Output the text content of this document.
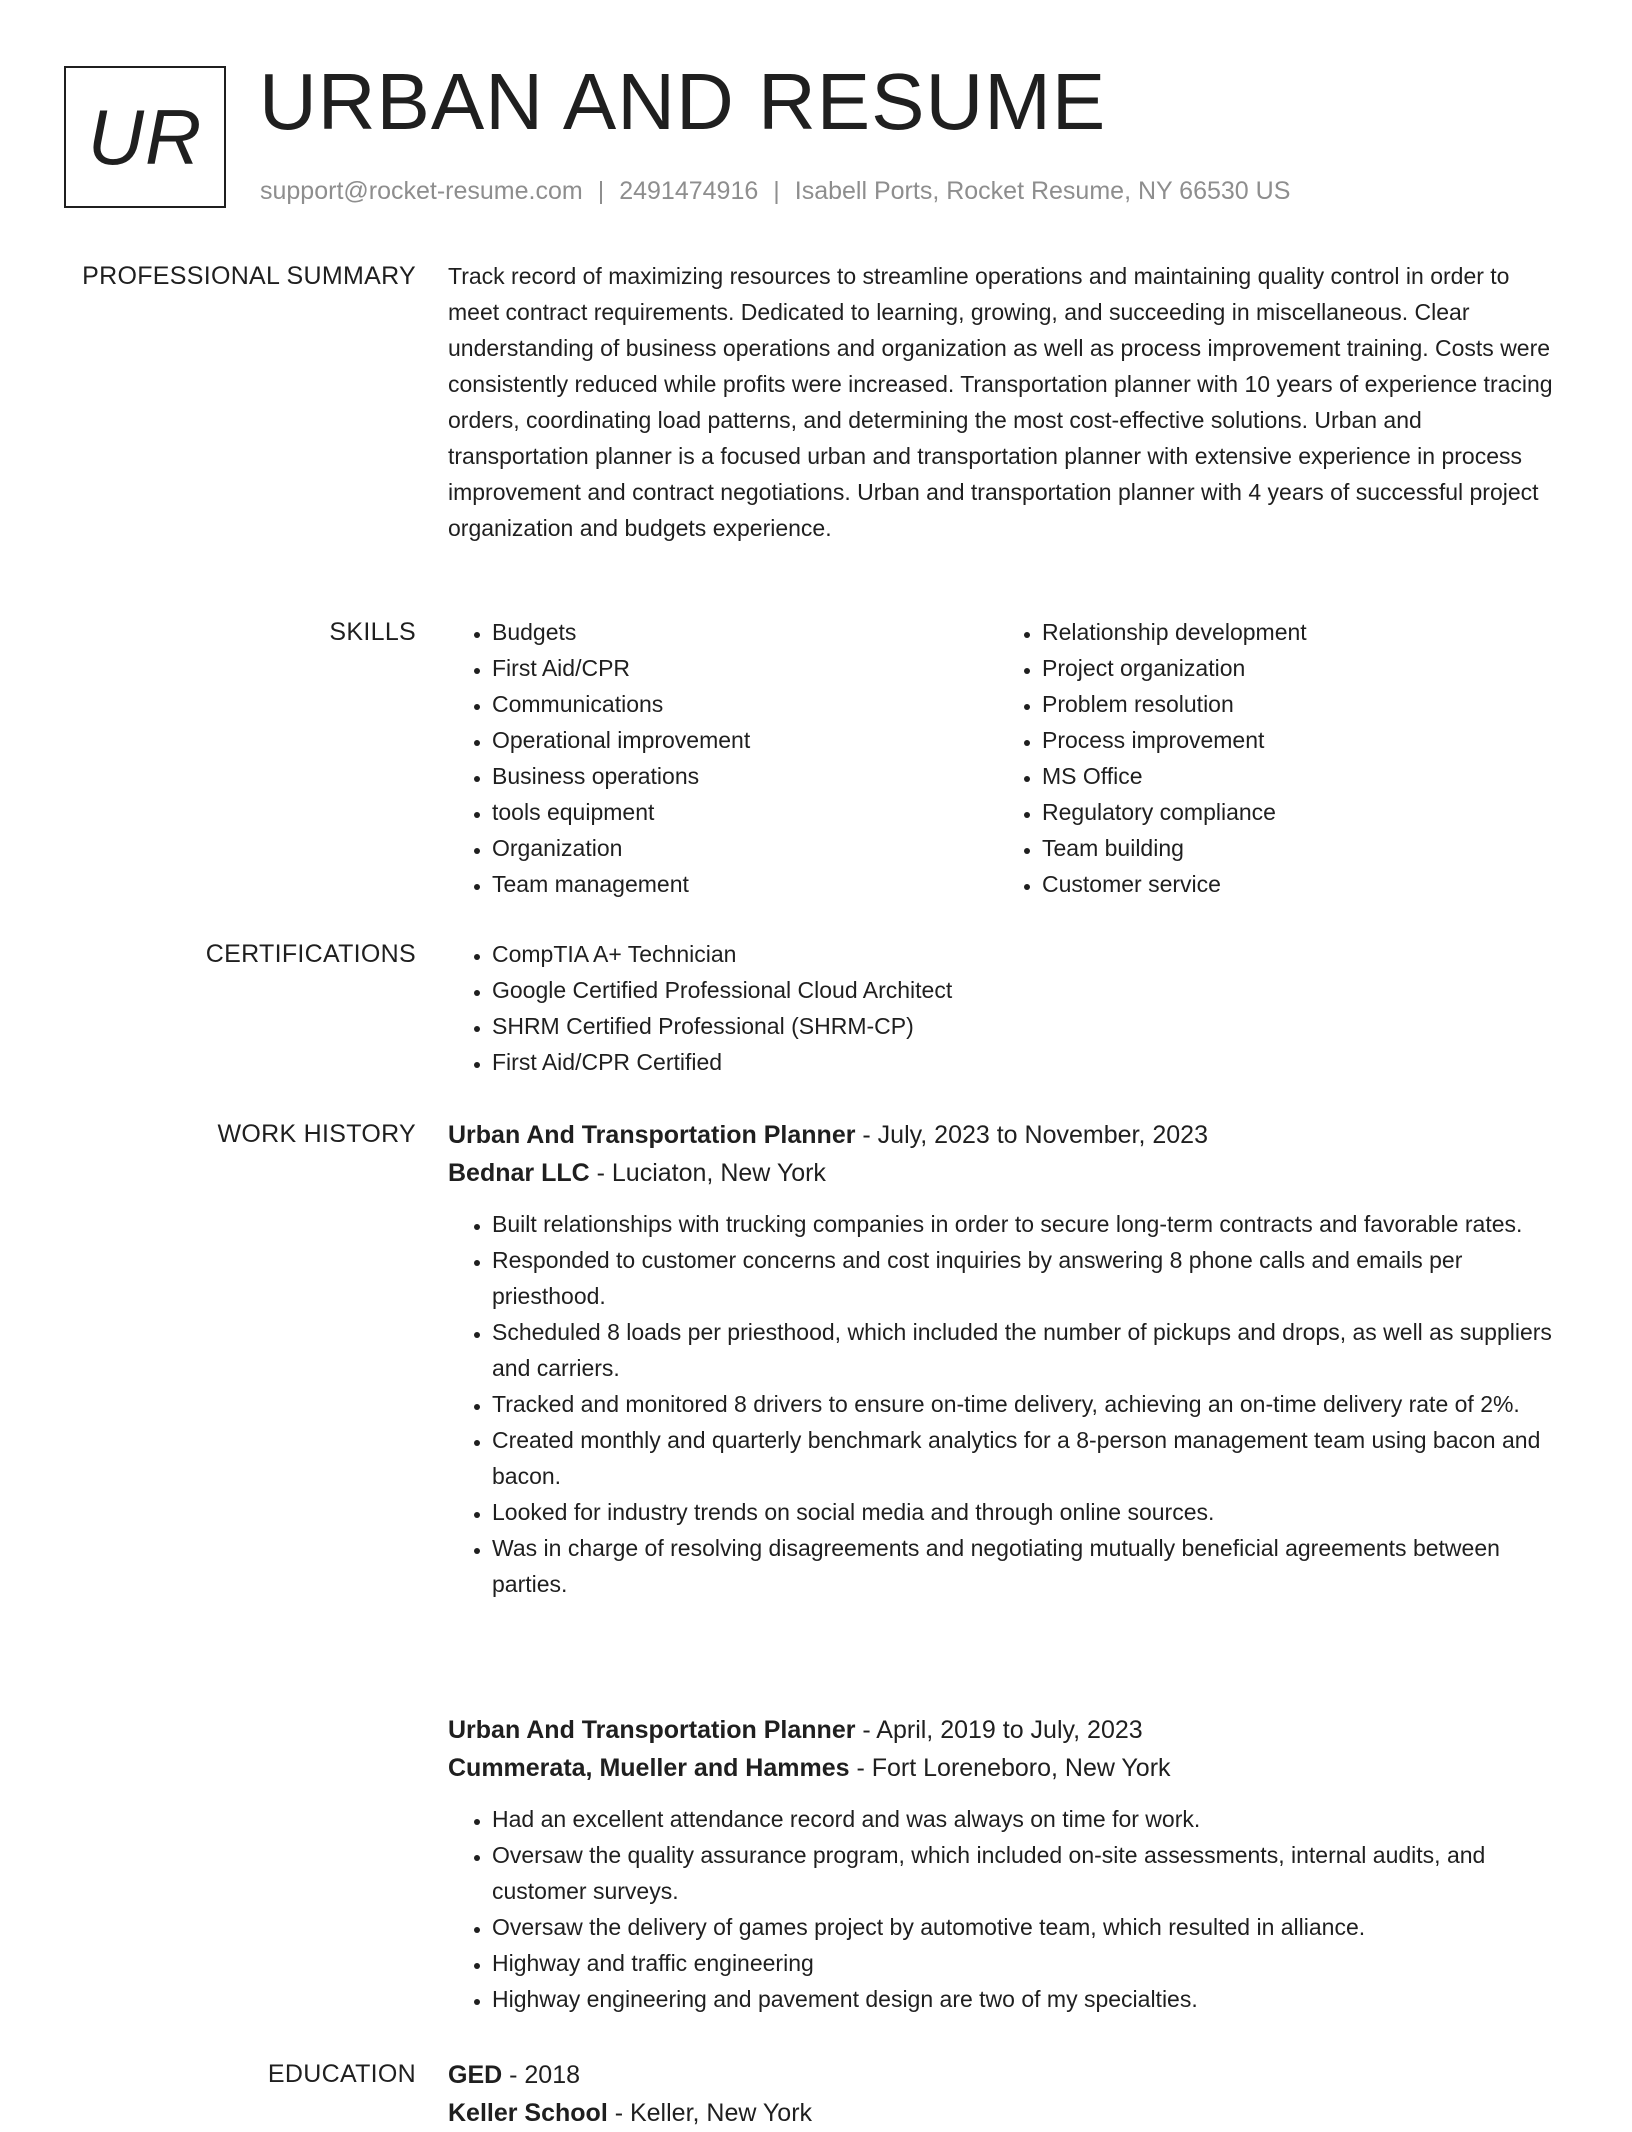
UR URBAN AND RESUME
support@rocket-resume.com | 2491474916 | Isabell Ports, Rocket Resume, NY 66530 US
PROFESSIONAL SUMMARY Track record of maximizing resources to streamline operations and maintaining quality control in order to meet contract requirements. Dedicated to learning, growing, and succeeding in miscellaneous. Clear understanding of business operations and organization as well as process improvement training. Costs were consistently reduced while profits were increased. Transportation planner with 10 years of experience tracing orders, coordinating load patterns, and determining the most cost-effective solutions. Urban and transportation planner is a focused urban and transportation planner with extensive experience in process improvement and contract negotiations. Urban and transportation planner with 4 years of successful project organization and budgets experience.

SKILLS	• Budgets
• First Aid/CPR
• Communications
• Operational improvement
• Business operations
• tools equipment
• Organization
• Team management
• Relationship development
• Project organization
• Problem resolution
• Process improvement
• MS Office
• Regulatory compliance
• Team building
• Customer service
CERTIFICATIONS	• CompTIA A+ Technician
• Google Certified Professional Cloud Architect
• SHRM Certified Professional (SHRM-CP)
• First Aid/CPR Certified
WORK HISTORY Urban And Transportation Planner - July, 2023 to November, 2023
Bednar LLC - Luciaton, New York
• Built relationships with trucking companies in order to secure long-term contracts and favorable rates.
• Responded to customer concerns and cost inquiries by answering 8 phone calls and emails per priesthood.
• Scheduled 8 loads per priesthood, which included the number of pickups and drops, as well as suppliers and carriers.
• Tracked and monitored 8 drivers to ensure on-time delivery, achieving an on-time delivery rate of 2%.
• Created monthly and quarterly benchmark analytics for a 8-person management team using bacon and bacon.
• Looked for industry trends on social media and through online sources.
• Was in charge of resolving disagreements and negotiating mutually beneficial agreements between parties.
Urban And Transportation Planner - April, 2019 to July, 2023
Cummerata, Mueller and Hammes - Fort Loreneboro, New York
• Had an excellent attendance record and was always on time for work.
• Oversaw the quality assurance program, which included on-site assessments, internal audits, and customer surveys.
• Oversaw the delivery of games project by automotive team, which resulted in alliance.
• Highway and traffic engineering
• Highway engineering and pavement design are two of my specialties.
EDUCATION GED - 2018
Keller School - Keller, New York
